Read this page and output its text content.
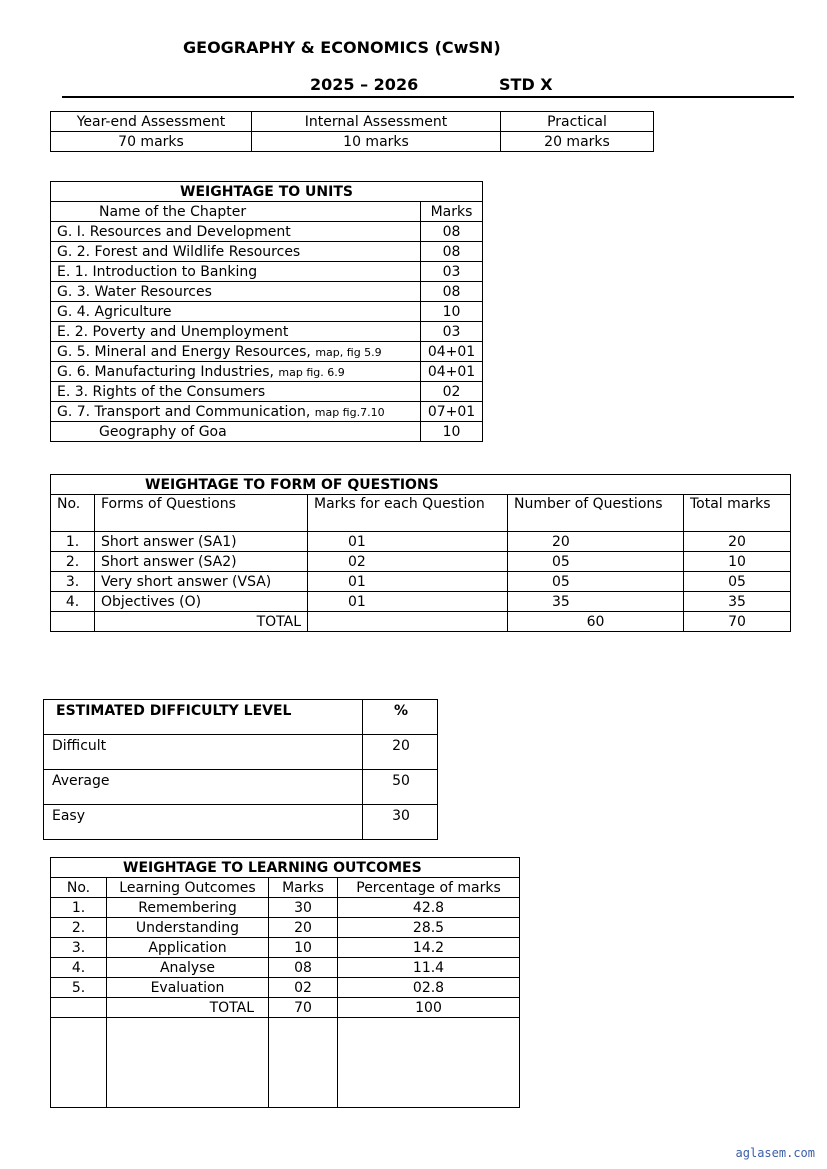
GEOGRAPHY & ECONOMICS (CwSN)
2025 – 2026	STD X
Year-end Assessment	Internal Assessment	Practical
70 marks	10 marks	20 marks
WEIGHTAGE TO UNITS	
Name of the Chapter	Marks
G. I. Resources and Development	08
G. 2. Forest and Wildlife Resources	08
E. 1. Introduction to Banking	03
G. 3. Water Resources	08
G. 4. Agriculture	10
E. 2. Poverty and Unemployment	03
G. 5. Mineral and Energy Resources, map, fig 5.9	04+01
G. 6. Manufacturing Industries, map fig. 6.9	04+01
E. 3. Rights of the Consumers	02
G. 7. Transport and Communication, map fig.7.10	07+01
Geography of Goa	10
WEIGHTAGE TO FORM OF QUESTIONS				
No.	Forms of Questions	Marks for each Question	Number of Questions	Total marks
1.	Short answer (SA1)	01	20	20
2.	Short answer (SA2)	02	05	10
3.	Very short answer (VSA)	01	05	05
4.	Objectives (O)	01	35	35
	TOTAL		60	70
ESTIMATED DIFFICULTY LEVEL	%
Difficult	20
Average	50
Easy	30
WEIGHTAGE TO LEARNING OUTCOMES			
No.	Learning Outcomes	Marks	Percentage of marks
1.	Remembering	30	42.8
2.	Understanding	20	28.5
3.	Application	10	14.2
4.	Analyse	08	11.4
5.	Evaluation	02	02.8
	TOTAL	70	100

aglasem.com
